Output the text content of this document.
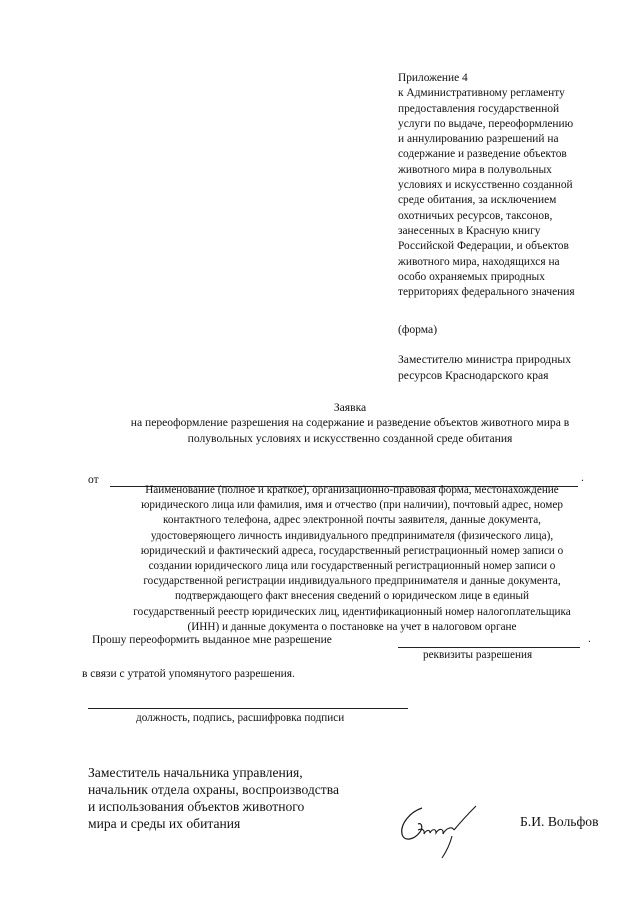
Приложение 4
к Административному регламенту
предоставления государственной
услуги по выдаче, переоформлению
и аннулированию разрешений на
содержание и разведение объектов
животного мира в полувольных
условиях и искусственно созданной
среде обитания, за исключением
охотничьих ресурсов, таксонов,
занесенных в Красную книгу
Российской Федерации, и объектов
животного мира, находящихся на
особо охраняемых природных
территориях федерального значения
(форма)
Заместителю министра природных
ресурсов Краснодарского края
Заявка
на переоформление разрешения на содержание и разведение объектов животного мира в
полувольных условиях и искусственно созданной среде обитания
от	.
Наименование (полное и краткое), организационно-правовая форма, местонахождение
юридического лица или фамилия, имя и отчество (при наличии), почтовый адрес, номер
контактного телефона, адрес электронной почты заявителя, данные документа,
удостоверяющего личность индивидуального предпринимателя (физического лица),
юридический и фактический адреса, государственный регистрационный номер записи о
создании юридического лица или государственный регистрационный номер записи о
государственной регистрации индивидуального предпринимателя и данные документа,
подтверждающего факт внесения сведений о юридическом лице в единый
государственный реестр юридических лиц, идентификационный номер налогоплательщика
(ИНН) и данные документа о постановке на учет в налоговом органе
Прошу переоформить выданное мне разрешение	.
реквизиты разрешения
в связи с утратой упомянутого разрешения.
должность, подпись, расшифровка подписи
Заместитель начальника управления,
начальник отдела охраны, воспроизводства
и использования объектов животного
мира и среды их обитания	Б.И. Вольфов
